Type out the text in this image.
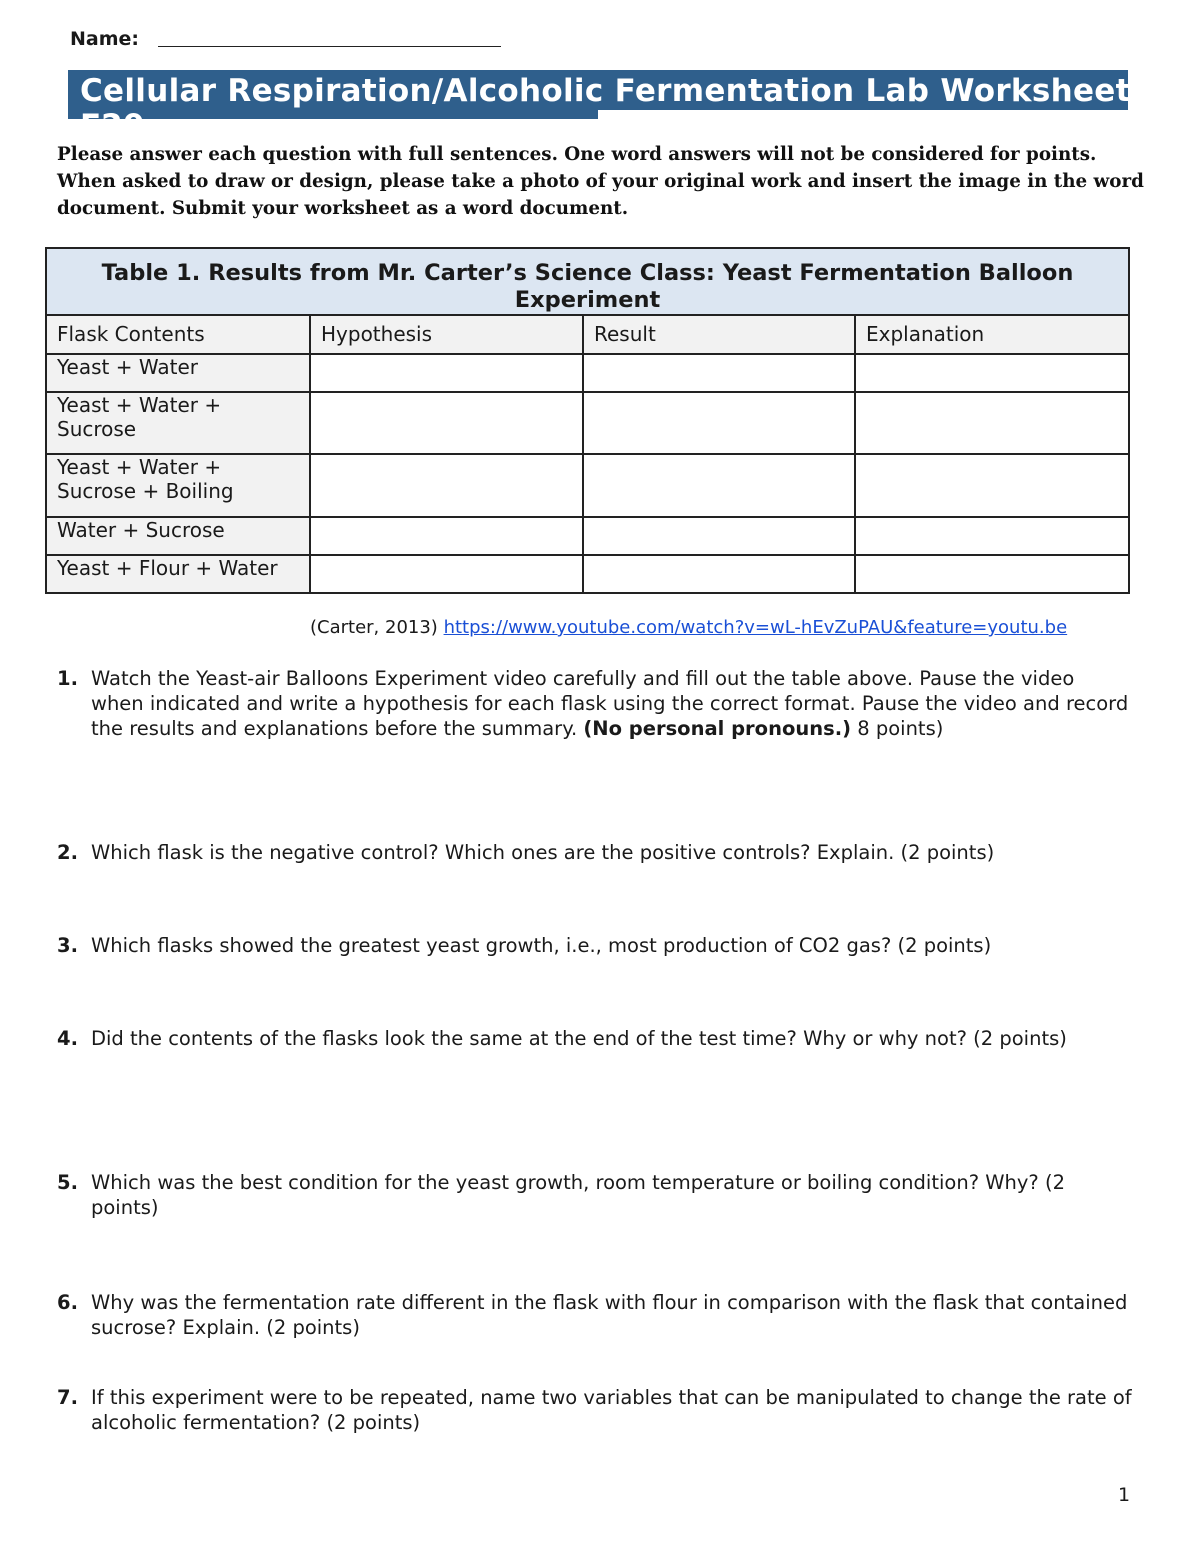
Name:
Cellular Respiration/Alcoholic Fermentation Lab Worksheet
F20
Please answer each question with full sentences. One word answers will not be considered for points. When asked to draw or design, please take a photo of your original work and insert the image in the word document. Submit your worksheet as a word document.
Table 1. Results from Mr. Carter’s Science Class: Yeast Fermentation Balloon Experiment			
Flask Contents	Hypothesis	Result	Explanation
Yeast + Water			
Yeast + Water + Sucrose			
Yeast + Water + Sucrose + Boiling			
Water + Sucrose			
Yeast + Flour + Water			
(Carter, 2013) https://www.youtube.com/watch?v=wL-hEvZuPAU&feature=youtu.be
1. Watch the Yeast-air Balloons Experiment video carefully and fill out the table above. Pause the video when indicated and write a hypothesis for each flask using the correct format. Pause the video and record the results and explanations before the summary. (No personal pronouns.) 8 points)
2. Which flask is the negative control? Which ones are the positive controls? Explain. (2 points)
3. Which flasks showed the greatest yeast growth, i.e., most production of CO2 gas? (2 points)
4. Did the contents of the flasks look the same at the end of the test time? Why or why not? (2 points)
5. Which was the best condition for the yeast growth, room temperature or boiling condition? Why? (2 points)
6. Why was the fermentation rate different in the flask with flour in comparison with the flask that contained sucrose? Explain. (2 points)
7. If this experiment were to be repeated, name two variables that can be manipulated to change the rate of alcoholic fermentation? (2 points)
1
